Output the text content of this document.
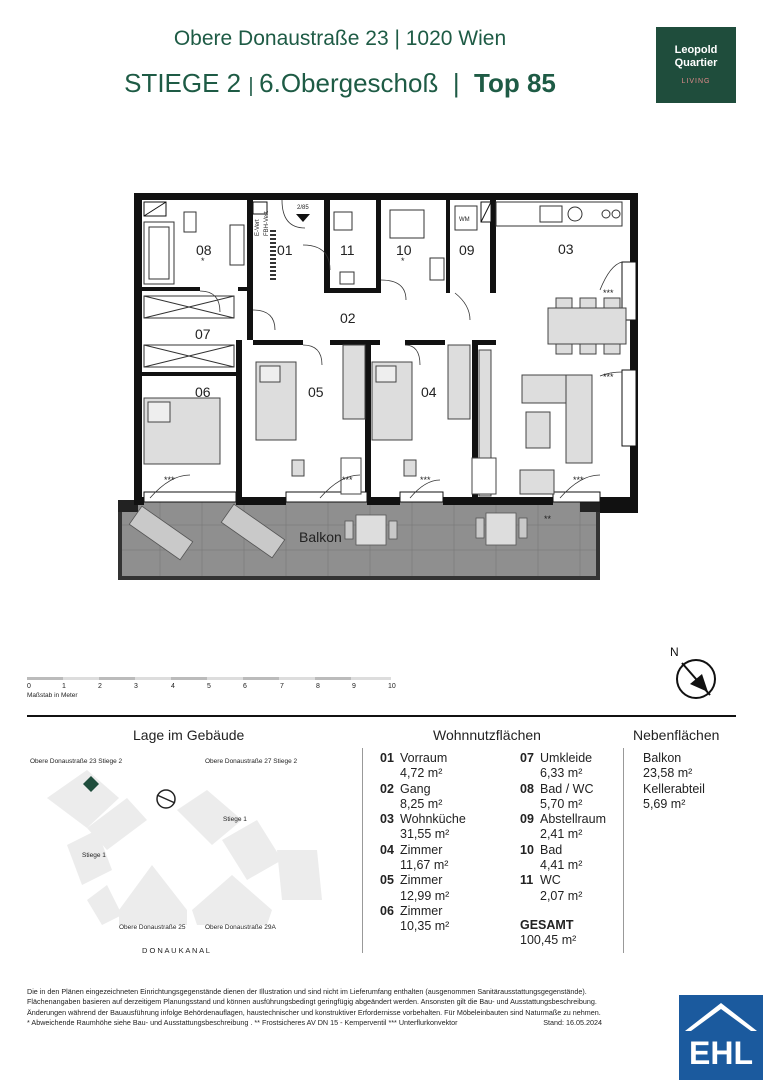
Obere Donaustraße 23 | 1020 Wien
STIEGE 2 | 6.Obergeschoß  |  Top 85
Leopold
Quartier
LIVING
08	01	11	10	09	03
07
02
06	05	04
Balkon
2/85
E-Vert FBH-Vert	WM
*	*
**
***	***	***	***
***
***
0	1	2	3	4	5	6	7	8	9	10
Maßstab in Meter
N
Lage im Gebäude
Obere Donaustraße 23 Stiege 2	Obere Donaustraße 27 Stiege 2
Stiege 1
Stiege 1
Obere Donaustraße 25	Obere Donaustraße 29A
D O N A U K A N A L
Wohnnutzflächen
01 Vorraum
4,72 m²
02 Gang
8,25 m²
03 Wohnküche
31,55 m²
04 Zimmer
11,67 m²
05 Zimmer
12,99 m²
06 Zimmer
10,35 m²
07 Umkleide
6,33 m²
08 Bad / WC
5,70 m²
09 Abstellraum
2,41 m²
10 Bad
4,41 m²
11 WC
2,07 m²
GESAMT
100,45 m²
Nebenflächen
Balkon
23,58 m²
Kellerabteil
5,69 m²
Die in den Plänen eingezeichneten Einrichtungsgegenstände dienen der Illustration und sind nicht im Lieferumfang enthalten (ausgenommen Sanitärausstattungsgegenstände).
Flächenangaben basieren auf derzeitigem Planungsstand und können ausführungsbedingt geringfügig abgeändert werden. Ansonsten gilt die Bau- und Ausstattungsbeschreibung.
Änderungen während der Bauausführung infolge Behördenauflagen, haustechnischer und konstruktiver Erfordernisse vorbehalten. Für Möbeleinbauten sind Naturmaße zu nehmen.
* Abweichende Raumhöhe siehe Bau- und Ausstattungsbeschreibung . ** Frostsicheres AV DN 15 - Kemperventil *** Unterflurkonvektor	Stand: 16.05.2024
EHL
